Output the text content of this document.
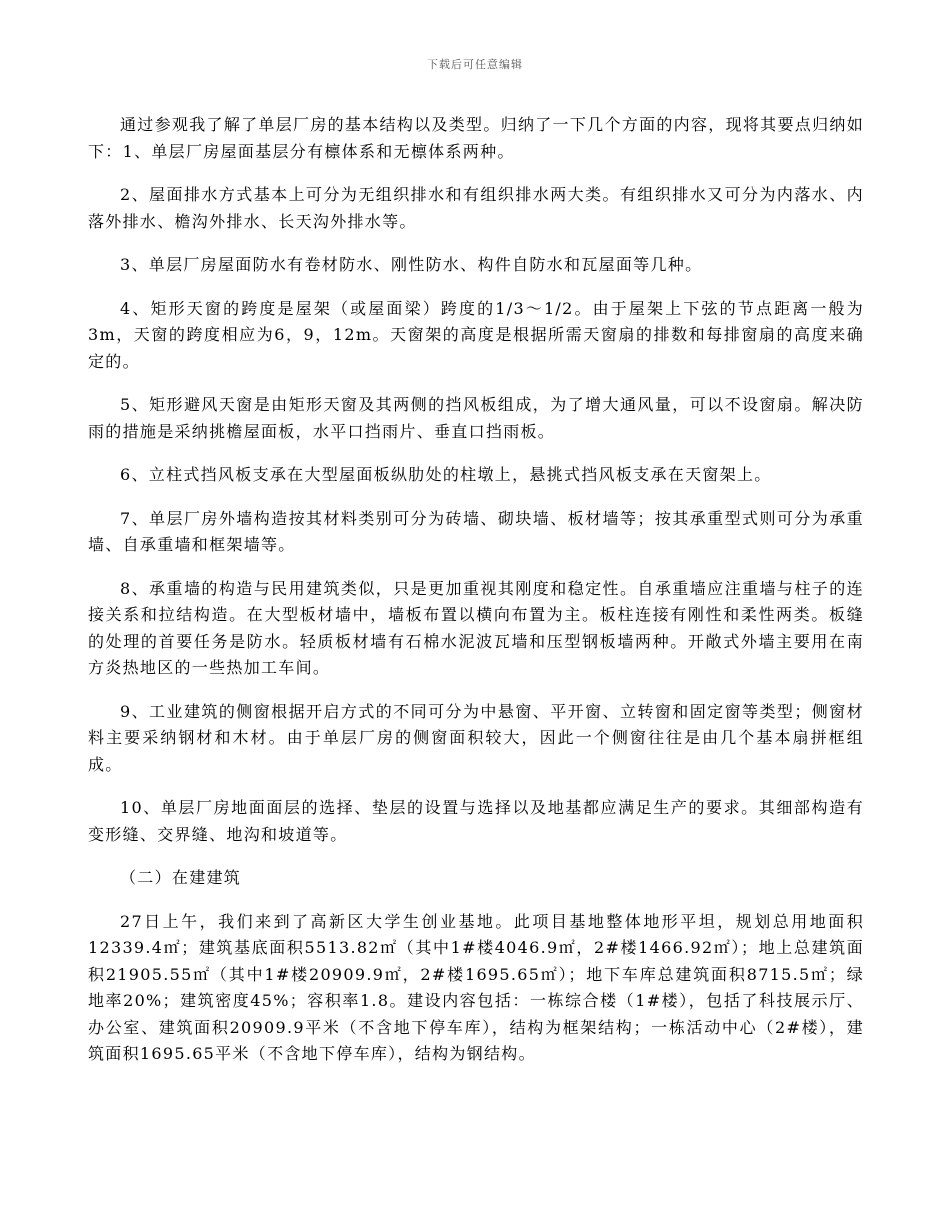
下载后可任意编辑

通过参观我了解了单层厂房的基本结构以及类型。归纳了一下几个方面的内容，现将其要点归纳如下：1、单层厂房屋面基层分有檩体系和无檩体系两种。

2、屋面排水方式基本上可分为无组织排水和有组织排水两大类。有组织排水又可分为内落水、内落外排水、檐沟外排水、长天沟外排水等。

3、单层厂房屋面防水有卷材防水、刚性防水、构件自防水和瓦屋面等几种。

4、矩形天窗的跨度是屋架（或屋面梁）跨度的1/3～1/2。由于屋架上下弦的节点距离一般为3m，天窗的跨度相应为6，9，12m。天窗架的高度是根据所需天窗扇的排数和每排窗扇的高度来确定的。

5、矩形避风天窗是由矩形天窗及其两侧的挡风板组成，为了增大通风量，可以不设窗扇。解决防雨的措施是采纳挑檐屋面板，水平口挡雨片、垂直口挡雨板。

6、立柱式挡风板支承在大型屋面板纵肋处的柱墩上，悬挑式挡风板支承在天窗架上。

7、单层厂房外墙构造按其材料类别可分为砖墙、砌块墙、板材墙等；按其承重型式则可分为承重墙、自承重墙和框架墙等。

8、承重墙的构造与民用建筑类似，只是更加重视其刚度和稳定性。自承重墙应注重墙与柱子的连接关系和拉结构造。在大型板材墙中，墙板布置以横向布置为主。板柱连接有刚性和柔性两类。板缝的处理的首要任务是防水。轻质板材墙有石棉水泥波瓦墙和压型钢板墙两种。开敞式外墙主要用在南方炎热地区的一些热加工车间。

9、工业建筑的侧窗根据开启方式的不同可分为中悬窗、平开窗、立转窗和固定窗等类型；侧窗材料主要采纳钢材和木材。由于单层厂房的侧窗面积较大，因此一个侧窗往往是由几个基本扇拼框组成。

10、单层厂房地面面层的选择、垫层的设置与选择以及地基都应满足生产的要求。其细部构造有变形缝、交界缝、地沟和坡道等。

（二）在建建筑

27日上午，我们来到了高新区大学生创业基地。此项目基地整体地形平坦，规划总用地面积12339.4㎡；建筑基底面积5513.82㎡（其中1#楼4046.9㎡，2#楼1466.92㎡）；地上总建筑面积21905.55㎡（其中1#楼20909.9㎡，2#楼1695.65㎡）；地下车库总建筑面积8715.5㎡；绿地率20%；建筑密度45%；容积率1.8。建设内容包括：一栋综合楼（1#楼），包括了科技展示厅、办公室、建筑面积20909.9平米（不含地下停车库），结构为框架结构；一栋活动中心（2#楼），建筑面积1695.65平米（不含地下停车库），结构为钢结构。
